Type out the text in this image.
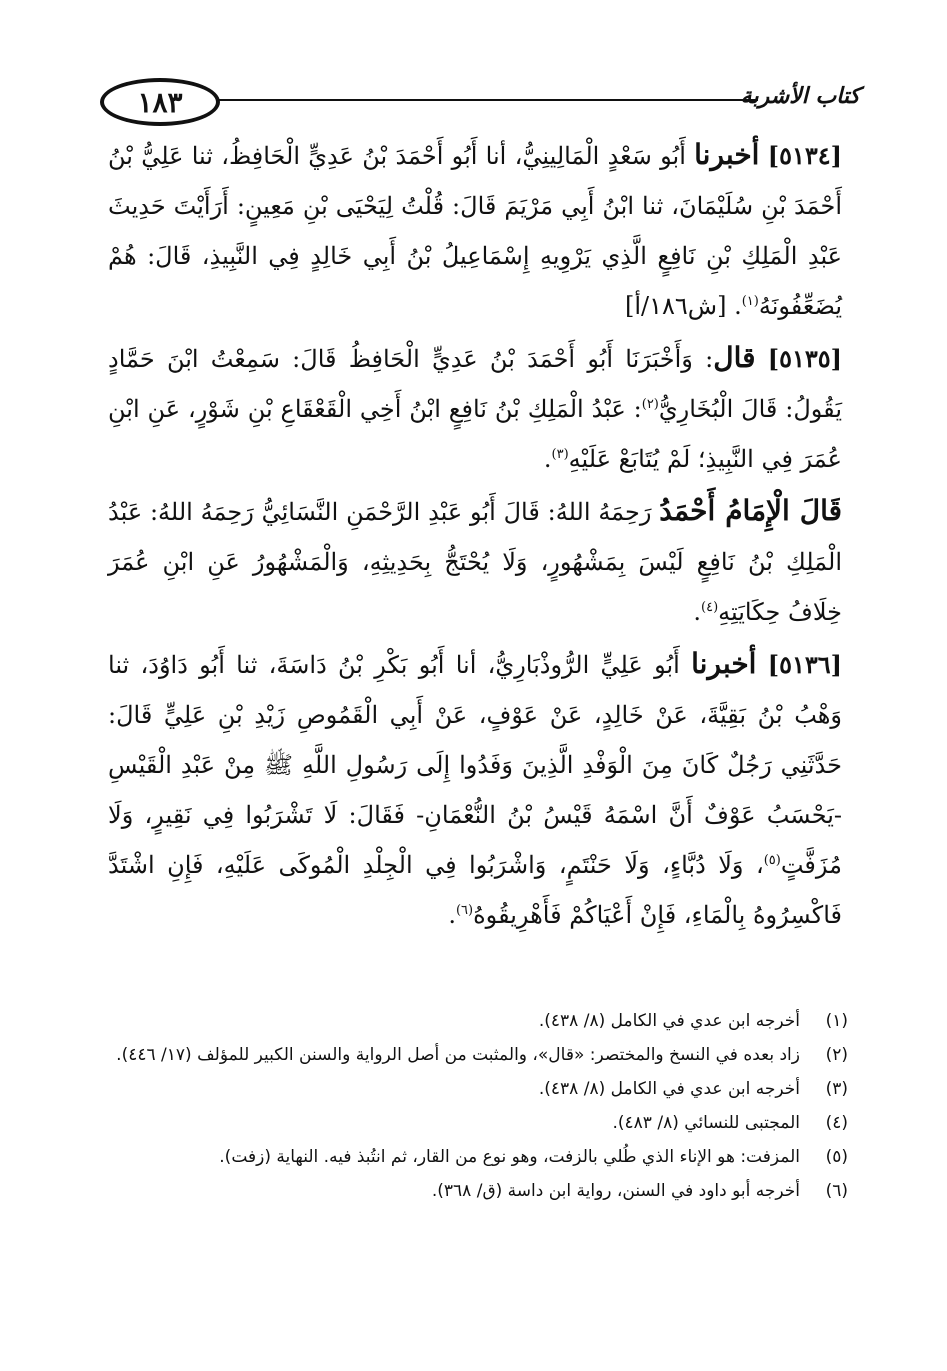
١٨٣	كتاب الأشربة

[٥١٣٤] أخبرنا أَبُو سَعْدٍ الْمَالِينِيُّ، أنا أَبُو أَحْمَدَ بْنُ عَدِيٍّ الْحَافِظُ، ثنا عَلِيُّ بْنُ أَحْمَدَ بْنِ سُلَيْمَانَ، ثنا ابْنُ أَبِي مَرْيَمَ قَالَ: قُلْتُ لِيَحْيَى بْنِ مَعِينٍ: أَرَأَيْتَ حَدِيثَ عَبْدِ الْمَلِكِ بْنِ نَافِعٍ الَّذِي يَرْوِيهِ إِسْمَاعِيلُ بْنُ أَبِي خَالِدٍ فِي النَّبِيذِ، قَالَ: هُمْ يُضَعِّفُونَهُ$^{(١)}$. [ش١٨٦/أ]

[٥١٣٥] قال: وَأَخْبَرَنَا أَبُو أَحْمَدَ بْنُ عَدِيٍّ الْحَافِظُ قَالَ: سَمِعْتُ ابْنَ حَمَّادٍ يَقُولُ: قَالَ الْبُخَارِيُّ$^{(٢)}$: عَبْدُ الْمَلِكِ بْنُ نَافِعٍ ابْنُ أَخِي الْقَعْقَاعِ بْنِ شَوْرٍ، عَنِ ابْنِ عُمَرَ فِي النَّبِيذِ؛ لَمْ يُتَابَعْ عَلَيْهِ$^{(٣)}$.

قَالَ الْإِمَامُ أَحْمَدُ رَحِمَهُ اللهُ: قَالَ أَبُو عَبْدِ الرَّحْمَنِ النَّسَائِيُّ رَحِمَهُ اللهُ: عَبْدُ الْمَلِكِ بْنُ نَافِعٍ لَيْسَ بِمَشْهُورٍ، وَلَا يُحْتَجُّ بِحَدِيثِهِ، وَالْمَشْهُورُ عَنِ ابْنِ عُمَرَ خِلَافُ حِكَايَتِهِ$^{(٤)}$.

[٥١٣٦] أخبرنا أَبُو عَلِيٍّ الرُّوذْبَارِيُّ، أنا أَبُو بَكْرِ بْنُ دَاسَةَ، ثنا أَبُو دَاوُدَ، ثنا وَهْبُ بْنُ بَقِيَّةَ، عَنْ خَالِدٍ، عَنْ عَوْفٍ، عَنْ أَبِي الْقَمُوصِ زَيْدِ بْنِ عَلِيٍّ قَالَ: حَدَّثَنِي رَجُلٌ كَانَ مِنَ الْوَفْدِ الَّذِينَ وَفَدُوا إِلَى رَسُولِ اللَّهِ ﷺ مِنْ عَبْدِ الْقَيْسِ -يَحْسَبُ عَوْفٌ أَنَّ اسْمَهُ قَيْسُ بْنُ النُّعْمَانِ- فَقَالَ: لَا تَشْرَبُوا فِي نَقِيرٍ، وَلَا مُزَفَّتٍ$^{(٥)}$، وَلَا دُبَّاءٍ، وَلَا حَنْتَمٍ، وَاشْرَبُوا فِي الْجِلْدِ الْمُوكَى عَلَيْهِ، فَإِنِ اشْتَدَّ فَاكْسِرُوهُ بِالْمَاءِ، فَإِنْ أَعْيَاكُمْ فَأَهْرِيقُوهُ$^{(٦)}$.

(١)
أخرجه ابن عدي في الكامل (٨/ ٤٣٨).
(٢)
زاد بعده في النسخ والمختصر: «قال»، والمثبت من أصل الرواية والسنن الكبير للمؤلف (١٧/ ٤٤٦).
(٣)
أخرجه ابن عدي في الكامل (٨/ ٤٣٨).
(٤)
المجتبى للنسائي (٨/ ٤٨٣).
(٥)
المزفت: هو الإناء الذي طُلي بالزفت، وهو نوع من القار، ثم انتُبذ فيه. النهاية (زفت).
(٦)
أخرجه أبو داود في السنن، رواية ابن داسة (ق/ ٣٦٨).
